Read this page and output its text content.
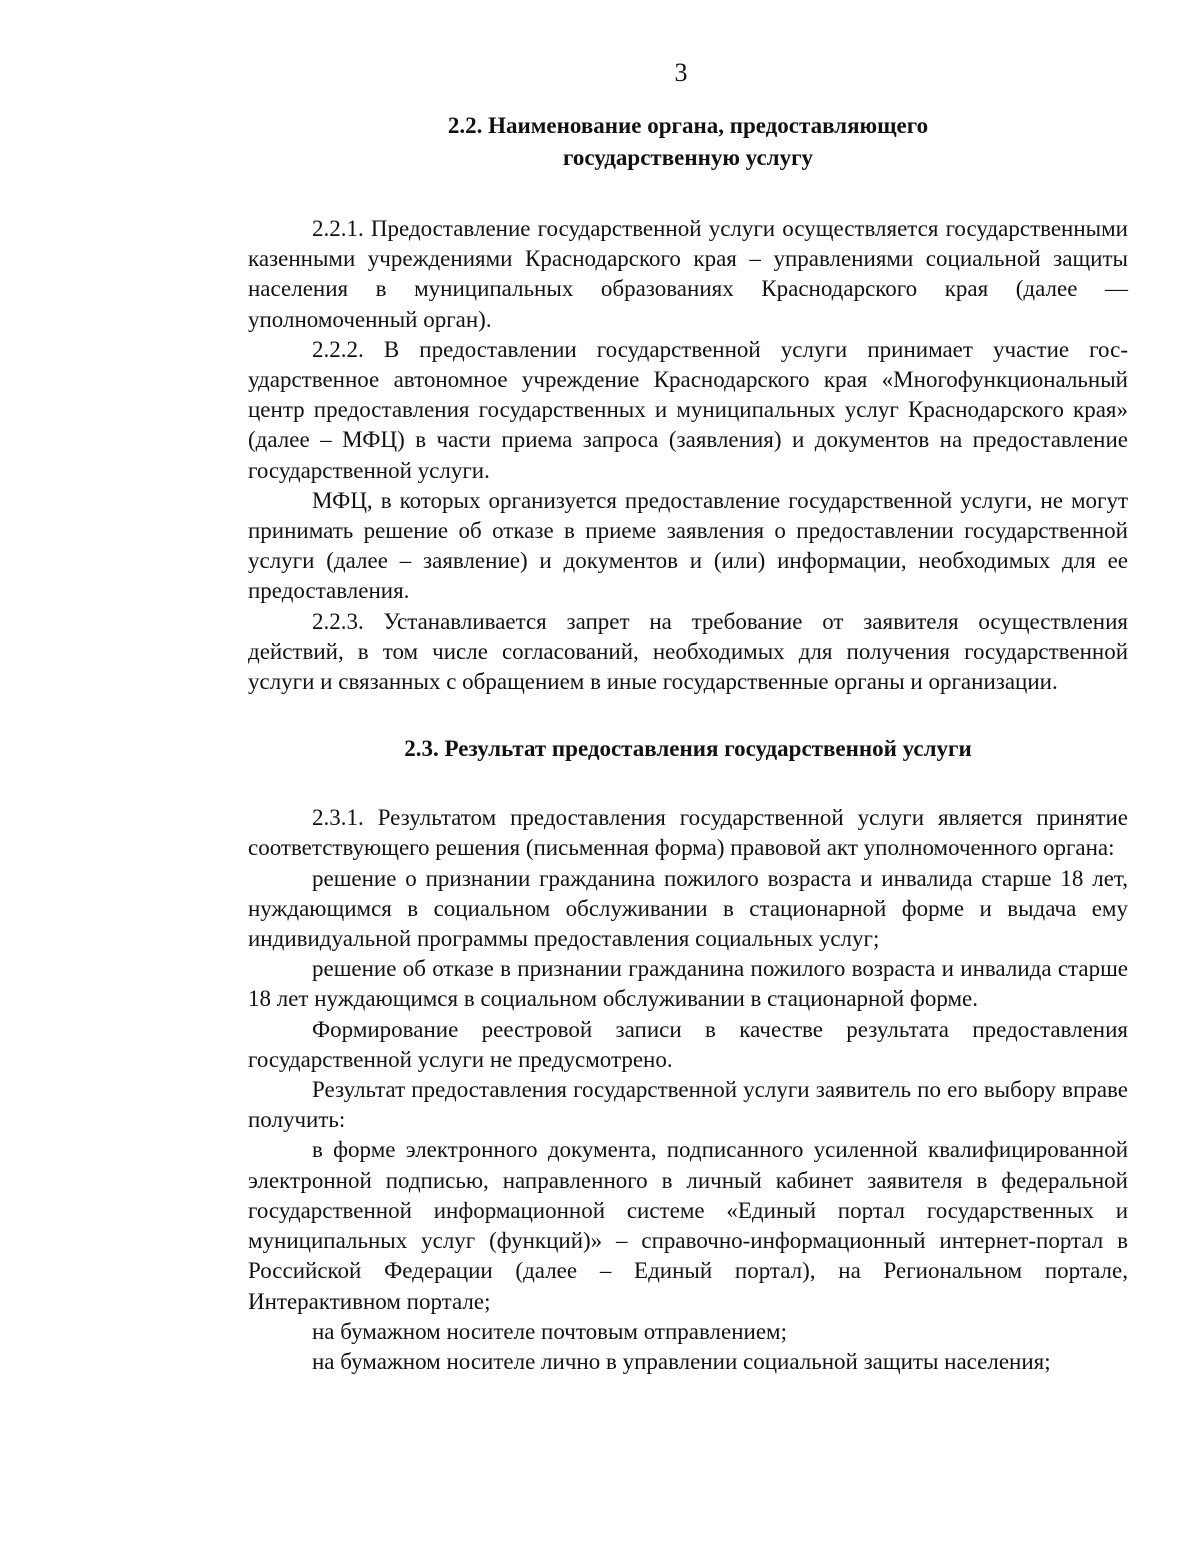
3

2.2. Наименование органа, предоставляющего
государственную услугу

2.2.1. Предоставление государственной услуги осуществляется государственными казенными учреждениями Краснодарского края – управлениями социальной защиты населения в муниципальных образованиях Краснодарского края (далее — уполномоченный орган).

2.2.2. В предоставлении государственной услуги принимает участие государственное автономное учреждение Краснодарского края «Многофункциональный центр предоставления государственных и муниципальных услуг Краснодарского края» (далее – МФЦ) в части приема запроса (заявления) и документов на предоставление государственной услуги.

МФЦ, в которых организуется предоставление государственной услуги, не могут принимать решение об отказе в приеме заявления о предоставлении государственной услуги (далее – заявление) и документов и (или) информации, необходимых для ее предоставления.

2.2.3. Устанавливается запрет на требование от заявителя осуществления действий, в том числе согласований, необходимых для получения государственной услуги и связанных с обращением в иные государственные органы и организации.

2.3. Результат предоставления государственной услуги

2.3.1. Результатом предоставления государственной услуги является принятие соответствующего решения (письменная форма) правовой акт уполномоченного органа:

решение о признании гражданина пожилого возраста и инвалида старше 18 лет, нуждающимся в социальном обслуживании в стационарной форме и выдача ему индивидуальной программы предоставления социальных услуг;

решение об отказе в признании гражданина пожилого возраста и инвалида старше 18 лет нуждающимся в социальном обслуживании в стационарной форме.

Формирование реестровой записи в качестве результата предоставления государственной услуги не предусмотрено.

Результат предоставления государственной услуги заявитель по его выбору вправе получить:

в форме электронного документа, подписанного усиленной квалифицированной электронной подписью, направленного в личный кабинет заявителя в федеральной государственной информационной системе «Единый портал государственных и муниципальных услуг (функций)» – справочно-информационный интернет-портал в Российской Федерации (далее – Единый портал), на Региональном портале, Интерактивном портале;

на бумажном носителе почтовым отправлением;

на бумажном носителе лично в управлении социальной защиты населения;
